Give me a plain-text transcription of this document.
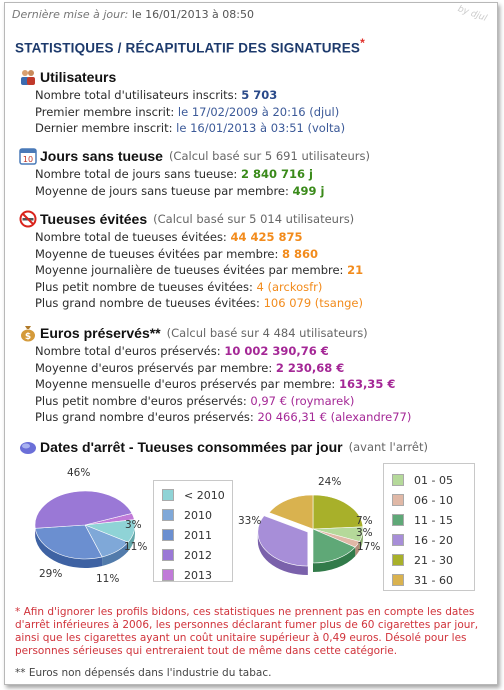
Dernière mise à jour: le 16/01/2013 à 08:50	by djul
STATISTIQUES / RÉCAPITULATIF DES SIGNATURES*
Utilisateurs
Nombre total d'utilisateurs inscrits: 5 703
Premier membre inscrit: le 17/02/2009 à 20:16 (djul)
Dernier membre inscrit: le 16/01/2013 à 03:51 (volta)
10 Jours sans tueuse (Calcul basé sur 5 691 utilisateurs)
Nombre total de jours sans tueuse: 2 840 716 j
Moyenne de jours sans tueuse par membre: 499 j
Tueuses évitées (Calcul basé sur 5 014 utilisateurs)
Nombre total de tueuses évitées: 44 425 875
Moyenne de tueuses évitées par membre: 8 860
Moyenne journalière de tueuses évitées par membre: 21
Plus petit nombre de tueuses évitées: 4 (arckosfr)
Plus grand nombre de tueuses évitées: 106 079 (tsange)
$ Euros préservés** (Calcul basé sur 4 484 utilisateurs)
Nombre total d'euros préservés: 10 002 390,76 €
Moyenne d'euros préservés par membre: 2 230,68 €
Moyenne mensuelle d'euros préservés par membre: 163,35 €
Plus petit nombre d'euros préservés: 0,97 € (roymarek)
Plus grand nombre d'euros préservés: 20 466,31 € (alexandre77)
Dates d'arrêt - Tueuses consommées par jour (avant l'arrêt)
3%
11%
11%
29%
46%
< 2010
2010
2011
2012
2013
24%
7%
3%
17%
33%
01 - 05
06 - 10
11 - 15
16 - 20
21 - 30
31 - 60
* Afin d'ignorer les profils bidons, ces statistiques ne prennent pas en compte les dates d'arrêt inférieures à 2006, les personnes déclarant fumer plus de 60 cigarettes par jour, ainsi que les cigarettes ayant un coût unitaire supérieur à 0,49 euros. Désolé pour les personnes sérieuses qui entreraient tout de même dans cette catégorie.
** Euros non dépensés dans l'industrie du tabac.
